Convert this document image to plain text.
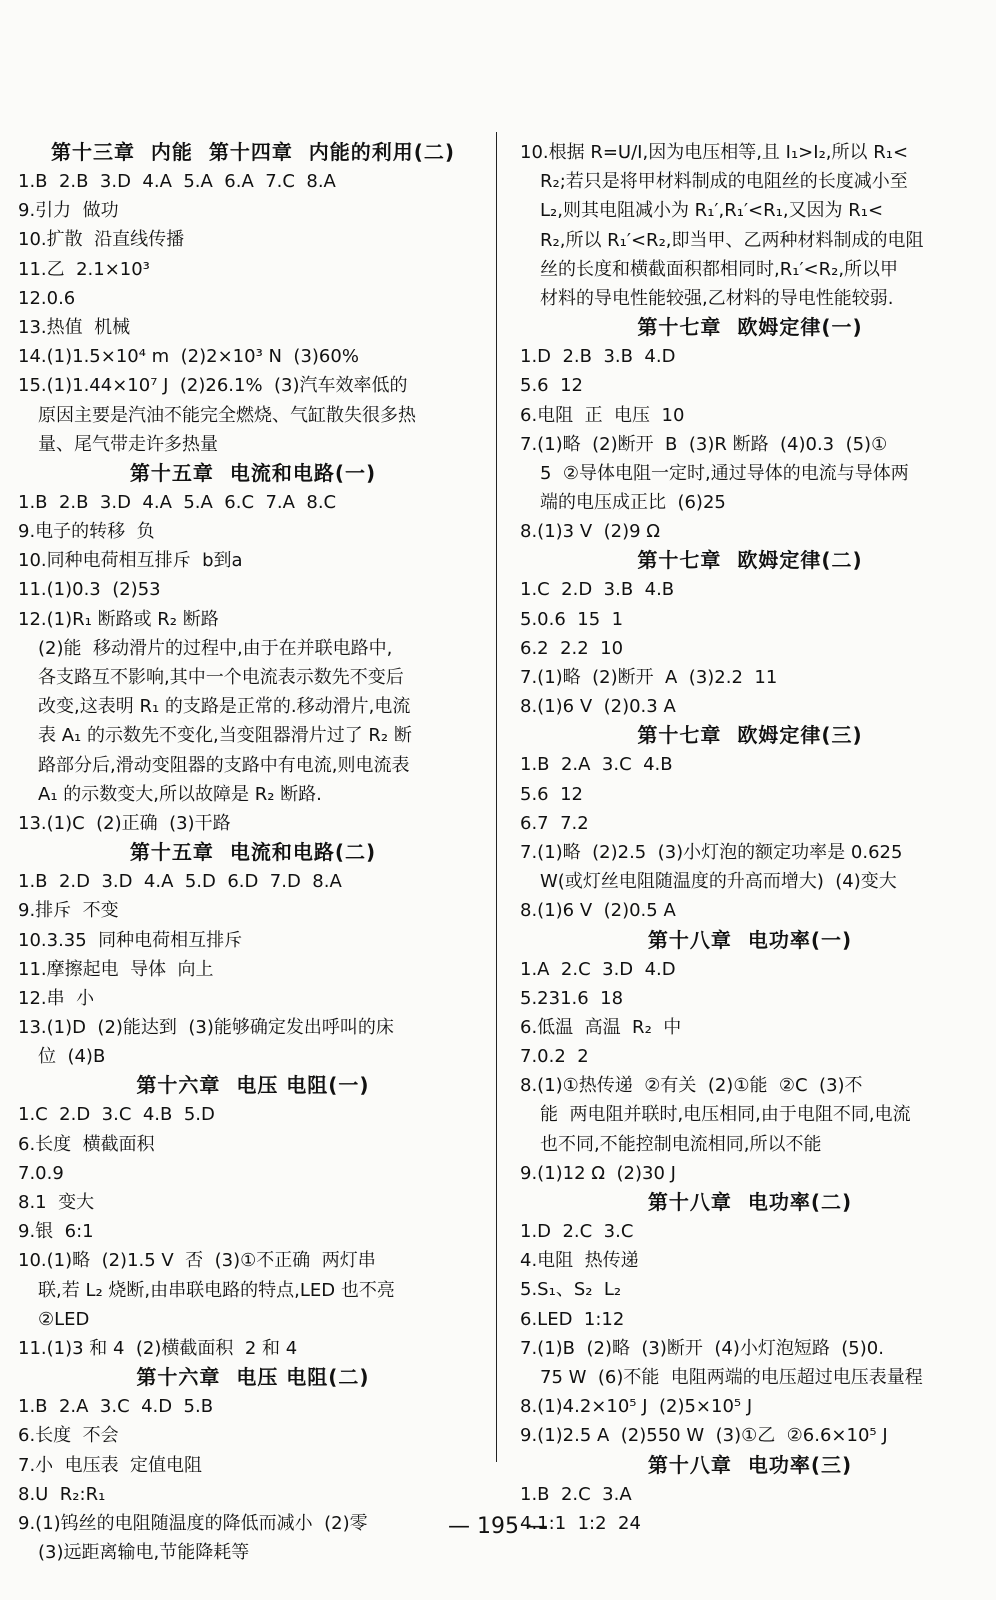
第十三章  内能  第十四章  内能的利用(二)
1.B  2.B  3.D  4.A  5.A  6.A  7.C  8.A
9.引力  做功
10.扩散  沿直线传播
11.乙  2.1×10³
12.0.6
13.热值  机械
14.(1)1.5×10⁴ m  (2)2×10³ N  (3)60%
15.(1)1.44×10⁷ J  (2)26.1%  (3)汽车效率低的
原因主要是汽油不能完全燃烧、气缸散失很多热
量、尾气带走许多热量
第十五章  电流和电路(一)
1.B  2.B  3.D  4.A  5.A  6.C  7.A  8.C
9.电子的转移  负
10.同种电荷相互排斥  b到a
11.(1)0.3  (2)53
12.(1)R₁ 断路或 R₂ 断路
(2)能  移动滑片的过程中,由于在并联电路中,
各支路互不影响,其中一个电流表示数先不变后
改变,这表明 R₁ 的支路是正常的.移动滑片,电流
表 A₁ 的示数先不变化,当变阻器滑片过了 R₂ 断
路部分后,滑动变阻器的支路中有电流,则电流表
A₁ 的示数变大,所以故障是 R₂ 断路.
13.(1)C  (2)正确  (3)干路
第十五章  电流和电路(二)
1.B  2.D  3.D  4.A  5.D  6.D  7.D  8.A
9.排斥  不变
10.3.35  同种电荷相互排斥
11.摩擦起电  导体  向上
12.串  小
13.(1)D  (2)能达到  (3)能够确定发出呼叫的床
位  (4)B
第十六章  电压 电阻(一)
1.C  2.D  3.C  4.B  5.D
6.长度  横截面积
7.0.9
8.1  变大
9.银  6:1
10.(1)略  (2)1.5 V  否  (3)①不正确  两灯串
联,若 L₂ 烧断,由串联电路的特点,LED 也不亮
②LED
11.(1)3 和 4  (2)横截面积  2 和 4
第十六章  电压 电阻(二)
1.B  2.A  3.C  4.D  5.B
6.长度  不会
7.小  电压表  定值电阻
8.U  R₂:R₁
9.(1)钨丝的电阻随温度的降低而减小  (2)零
(3)远距离输电,节能降耗等
10.根据 R=U/I,因为电压相等,且 I₁>I₂,所以 R₁<
R₂;若只是将甲材料制成的电阻丝的长度减小至
L₂,则其电阻减小为 R₁′,R₁′<R₁,又因为 R₁<
R₂,所以 R₁′<R₂,即当甲、乙两种材料制成的电阻
丝的长度和横截面积都相同时,R₁′<R₂,所以甲
材料的导电性能较强,乙材料的导电性能较弱.
第十七章  欧姆定律(一)
1.D  2.B  3.B  4.D
5.6  12
6.电阻  正  电压  10
7.(1)略  (2)断开  B  (3)R 断路  (4)0.3  (5)①
5  ②导体电阻一定时,通过导体的电流与导体两
端的电压成正比  (6)25
8.(1)3 V  (2)9 Ω
第十七章  欧姆定律(二)
1.C  2.D  3.B  4.B
5.0.6  15  1
6.2  2.2  10
7.(1)略  (2)断开  A  (3)2.2  11
8.(1)6 V  (2)0.3 A
第十七章  欧姆定律(三)
1.B  2.A  3.C  4.B
5.6  12
6.7  7.2
7.(1)略  (2)2.5  (3)小灯泡的额定功率是 0.625
W(或灯丝电阻随温度的升高而增大)  (4)变大
8.(1)6 V  (2)0.5 A
第十八章  电功率(一)
1.A  2.C  3.D  4.D
5.231.6  18
6.低温  高温  R₂  中
7.0.2  2
8.(1)①热传递  ②有关  (2)①能  ②C  (3)不
能  两电阻并联时,电压相同,由于电阻不同,电流
也不同,不能控制电流相同,所以不能
9.(1)12 Ω  (2)30 J
第十八章  电功率(二)
1.D  2.C  3.C
4.电阻  热传递
5.S₁、S₂  L₂
6.LED  1:12
7.(1)B  (2)略  (3)断开  (4)小灯泡短路  (5)0.
75 W  (6)不能  电阻两端的电压超过电压表量程
8.(1)4.2×10⁵ J  (2)5×10⁵ J
9.(1)2.5 A  (2)550 W  (3)①乙  ②6.6×10⁵ J
第十八章  电功率(三)
1.B  2.C  3.A
4.1:1  1:2  24
— 195 —
